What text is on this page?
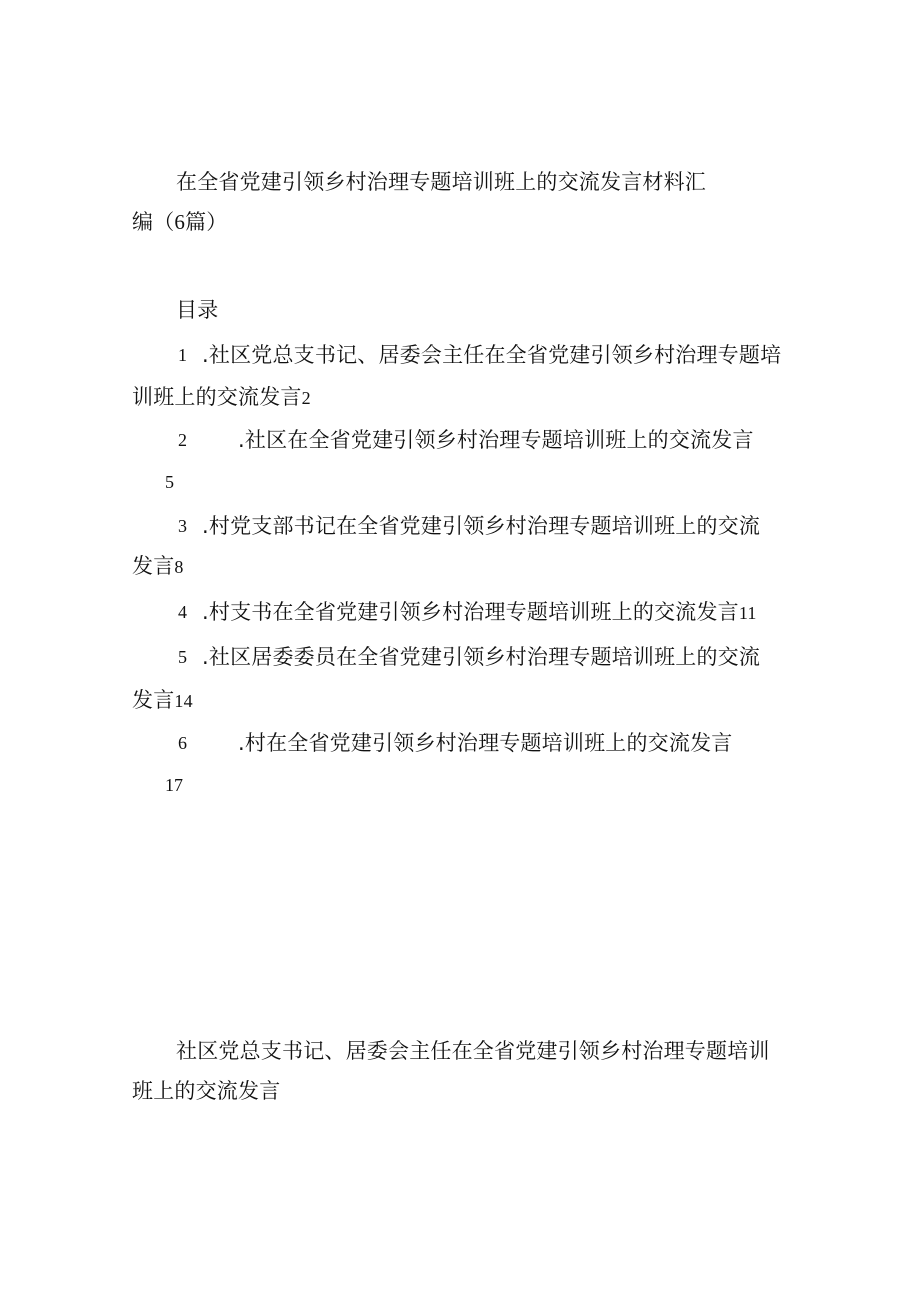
在全省党建引领乡村治理专题培训班上的交流发言材料汇
编（6篇）
目录
1 .社区党总支书记、居委会主任在全省党建引领乡村治理专题培
训班上的交流发言2
2 .社区在全省党建引领乡村治理专题培训班上的交流发言
5
3 .村党支部书记在全省党建引领乡村治理专题培训班上的交流
发言8
4 .村支书在全省党建引领乡村治理专题培训班上的交流发言11
5 .社区居委委员在全省党建引领乡村治理专题培训班上的交流
发言14
6 .村在全省党建引领乡村治理专题培训班上的交流发言
17
社区党总支书记、居委会主任在全省党建引领乡村治理专题培训
班上的交流发言
